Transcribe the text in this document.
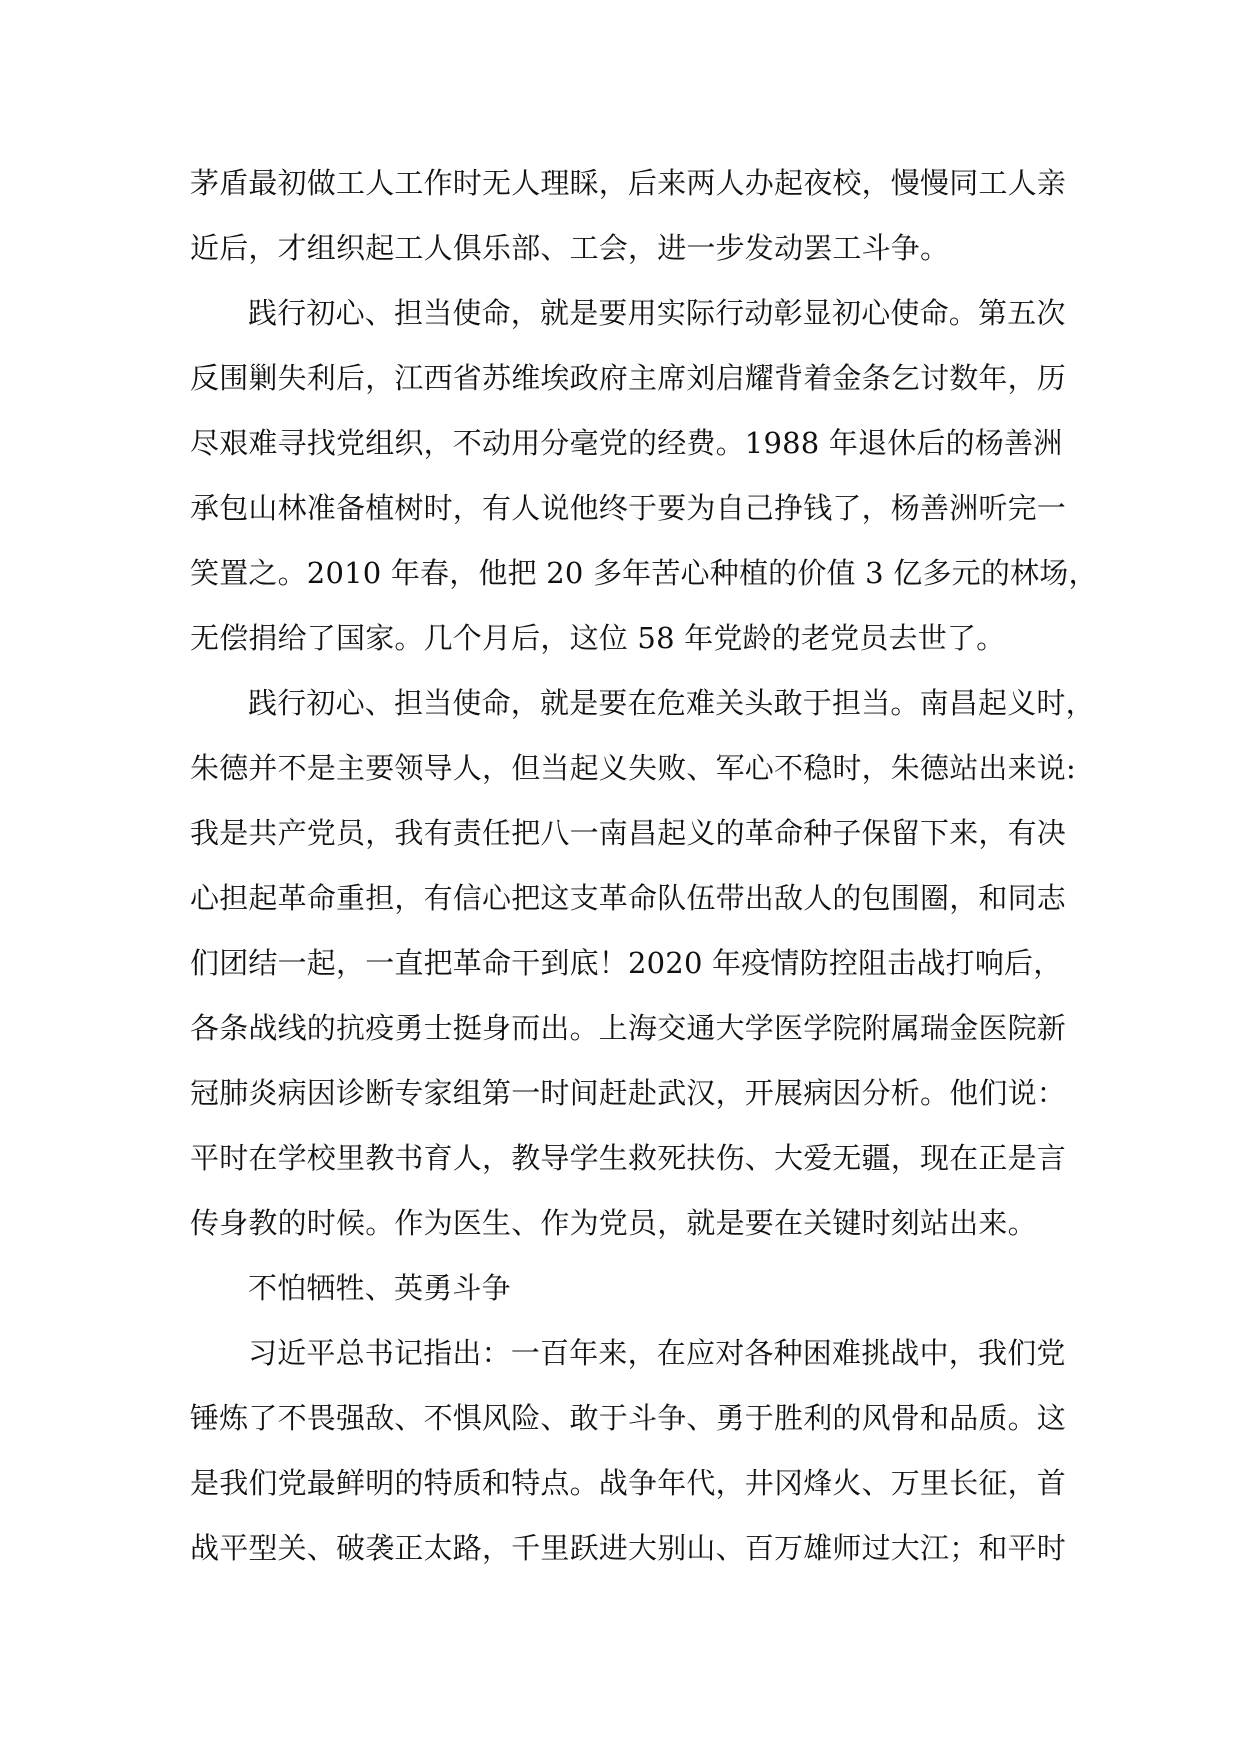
茅盾最初做工人工作时无人理睬，后来两人办起夜校，慢慢同工人亲
近后，才组织起工人俱乐部、工会，进一步发动罢工斗争。
践行初心、担当使命，就是要用实际行动彰显初心使命。第五次
反围剿失利后，江西省苏维埃政府主席刘启耀背着金条乞讨数年，历
尽艰难寻找党组织，不动用分毫党的经费。1988 年退休后的杨善洲
承包山林准备植树时，有人说他终于要为自己挣钱了，杨善洲听完一
笑置之。2010 年春，他把 20 多年苦心种植的价值 3 亿多元的林场，
无偿捐给了国家。几个月后，这位 58 年党龄的老党员去世了。
践行初心、担当使命，就是要在危难关头敢于担当。南昌起义时，
朱德并不是主要领导人，但当起义失败、军心不稳时，朱德站出来说:
我是共产党员，我有责任把八一南昌起义的革命种子保留下来，有决
心担起革命重担，有信心把这支革命队伍带出敌人的包围圈，和同志
们团结一起，一直把革命干到底！2020 年疫情防控阻击战打响后，
各条战线的抗疫勇士挺身而出。上海交通大学医学院附属瑞金医院新
冠肺炎病因诊断专家组第一时间赶赴武汉，开展病因分析。他们说：
平时在学校里教书育人，教导学生救死扶伤、大爱无疆，现在正是言
传身教的时候。作为医生、作为党员，就是要在关键时刻站出来。
不怕牺牲、英勇斗争
习近平总书记指出：一百年来，在应对各种困难挑战中，我们党
锤炼了不畏强敌、不惧风险、敢于斗争、勇于胜利的风骨和品质。这
是我们党最鲜明的特质和特点。战争年代，井冈烽火、万里长征，首
战平型关、破袭正太路，千里跃进大别山、百万雄师过大江；和平时
